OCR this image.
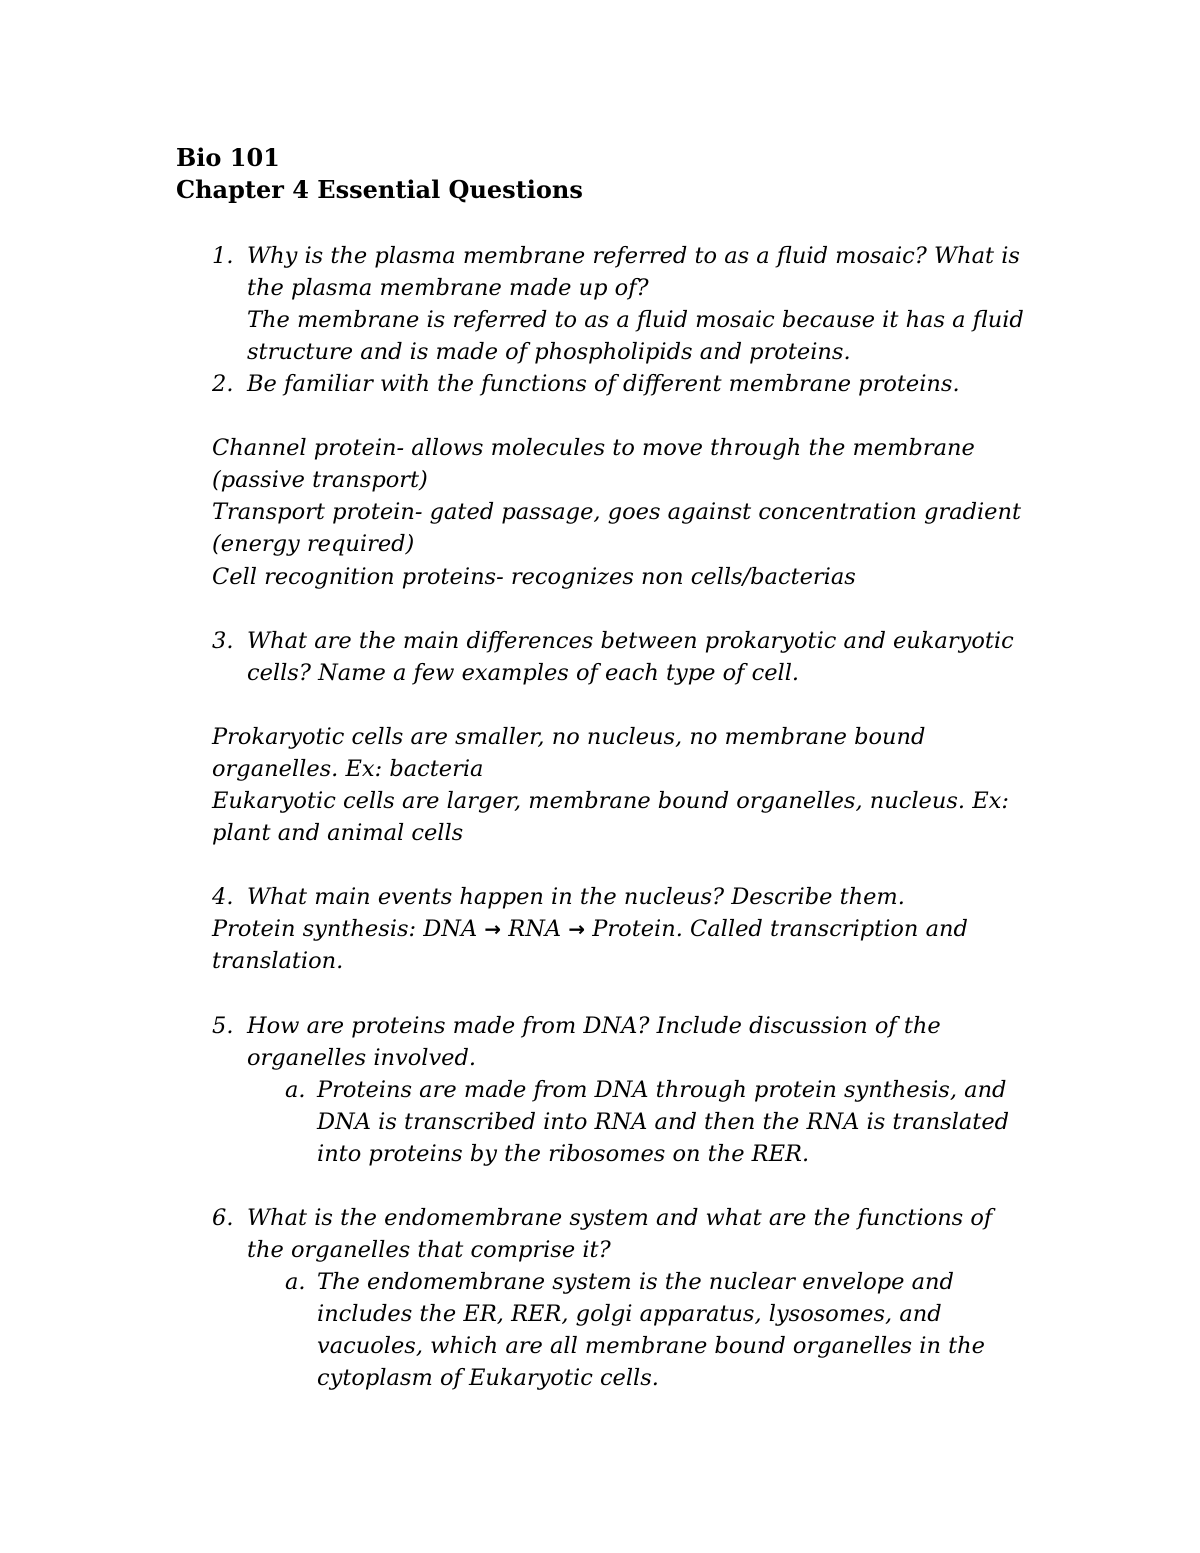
Bio 101
Chapter 4 Essential Questions
1. Why is the plasma membrane referred to as a fluid mosaic? What is
the plasma membrane made up of?
The membrane is referred to as a fluid mosaic because it has a fluid
structure and is made of phospholipids and proteins.
2. Be familiar with the functions of different membrane proteins.
Channel protein- allows molecules to move through the membrane
(passive transport)
Transport protein- gated passage, goes against concentration gradient
(energy required)
Cell recognition proteins- recognizes non cells/bacterias
3. What are the main differences between prokaryotic and eukaryotic
cells? Name a few examples of each type of cell.
Prokaryotic cells are smaller, no nucleus, no membrane bound
organelles. Ex: bacteria
Eukaryotic cells are larger, membrane bound organelles, nucleus. Ex:
plant and animal cells
4. What main events happen in the nucleus? Describe them.
Protein synthesis: DNA → RNA → Protein. Called transcription and
translation.
5. How are proteins made from DNA? Include discussion of the
organelles involved.
a. Proteins are made from DNA through protein synthesis, and
DNA is transcribed into RNA and then the RNA is translated
into proteins by the ribosomes on the RER.
6. What is the endomembrane system and what are the functions of
the organelles that comprise it?
a. The endomembrane system is the nuclear envelope and
includes the ER, RER, golgi apparatus, lysosomes, and
vacuoles, which are all membrane bound organelles in the
cytoplasm of Eukaryotic cells.
